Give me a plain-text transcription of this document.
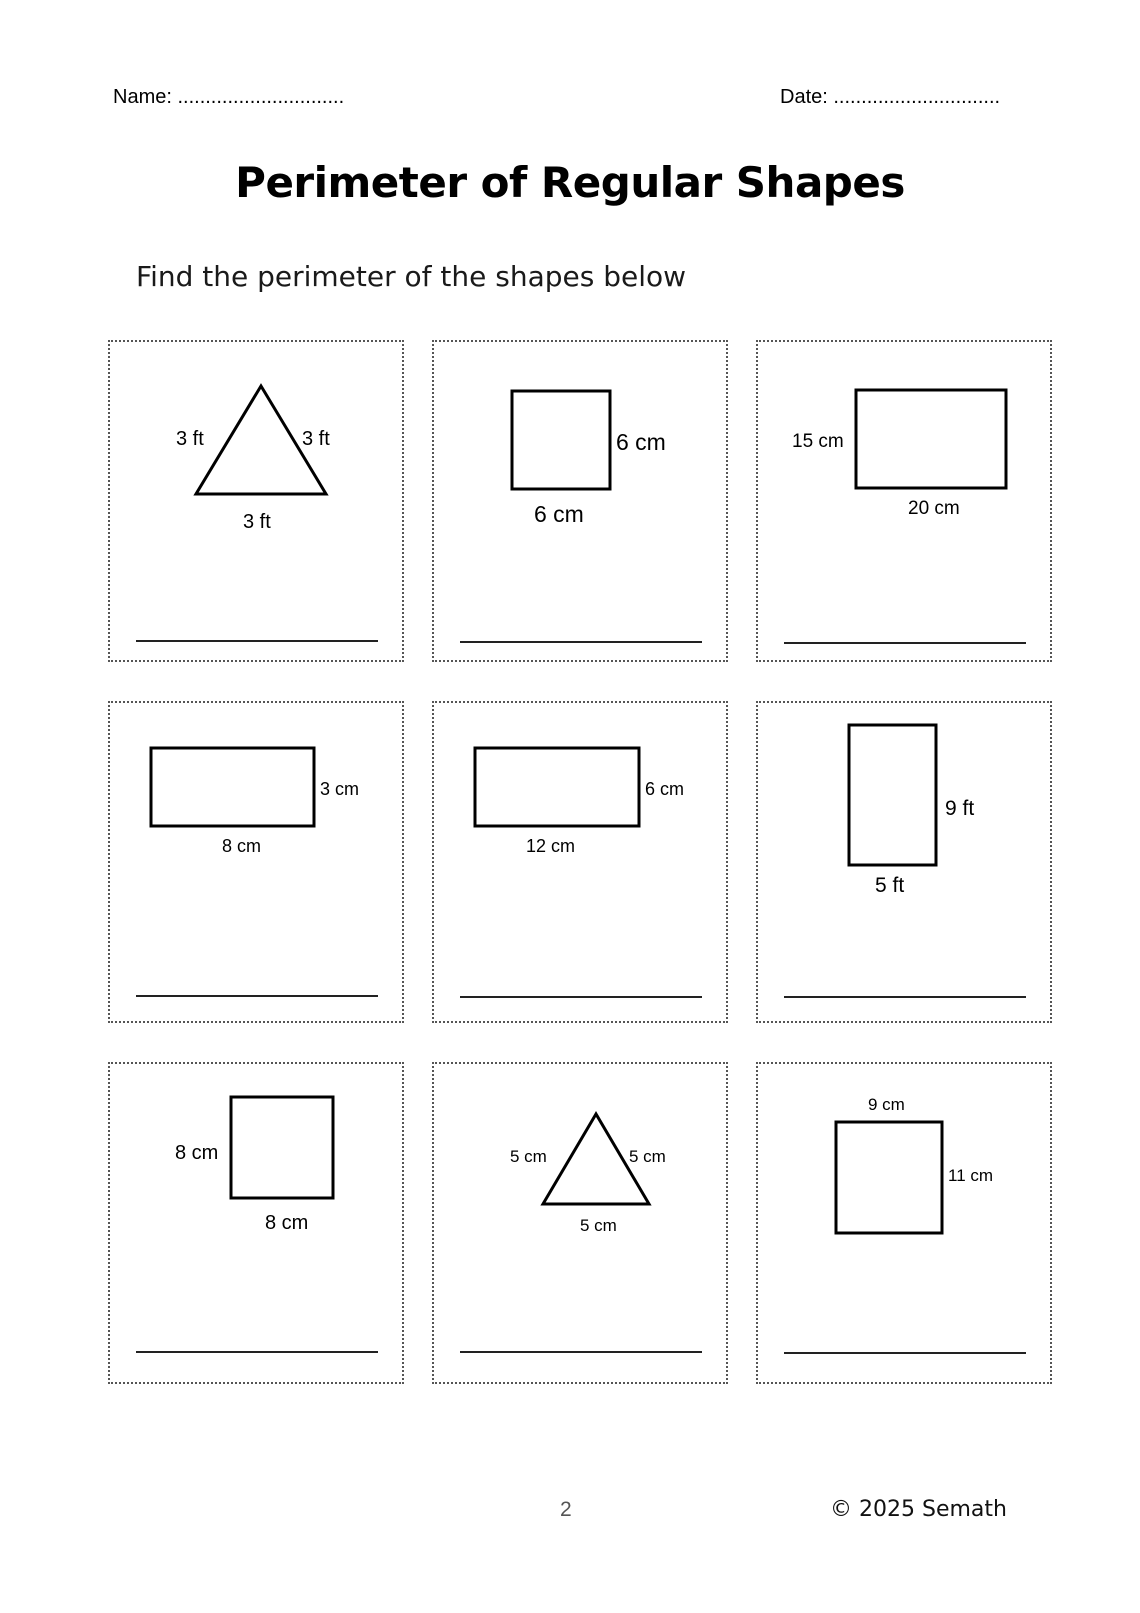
Name: ..............................	Date: ..............................
Perimeter of Regular Shapes
Find the perimeter of the shapes below
3 ft	3 ft
3 ft
6 cm
6 cm
15 cm
20 cm
3 cm
8 cm
6 cm
12 cm
9 ft
5 ft
8 cm
8 cm
5 cm	5 cm
5 cm
9 cm
11 cm
2	© 2025 Semath
